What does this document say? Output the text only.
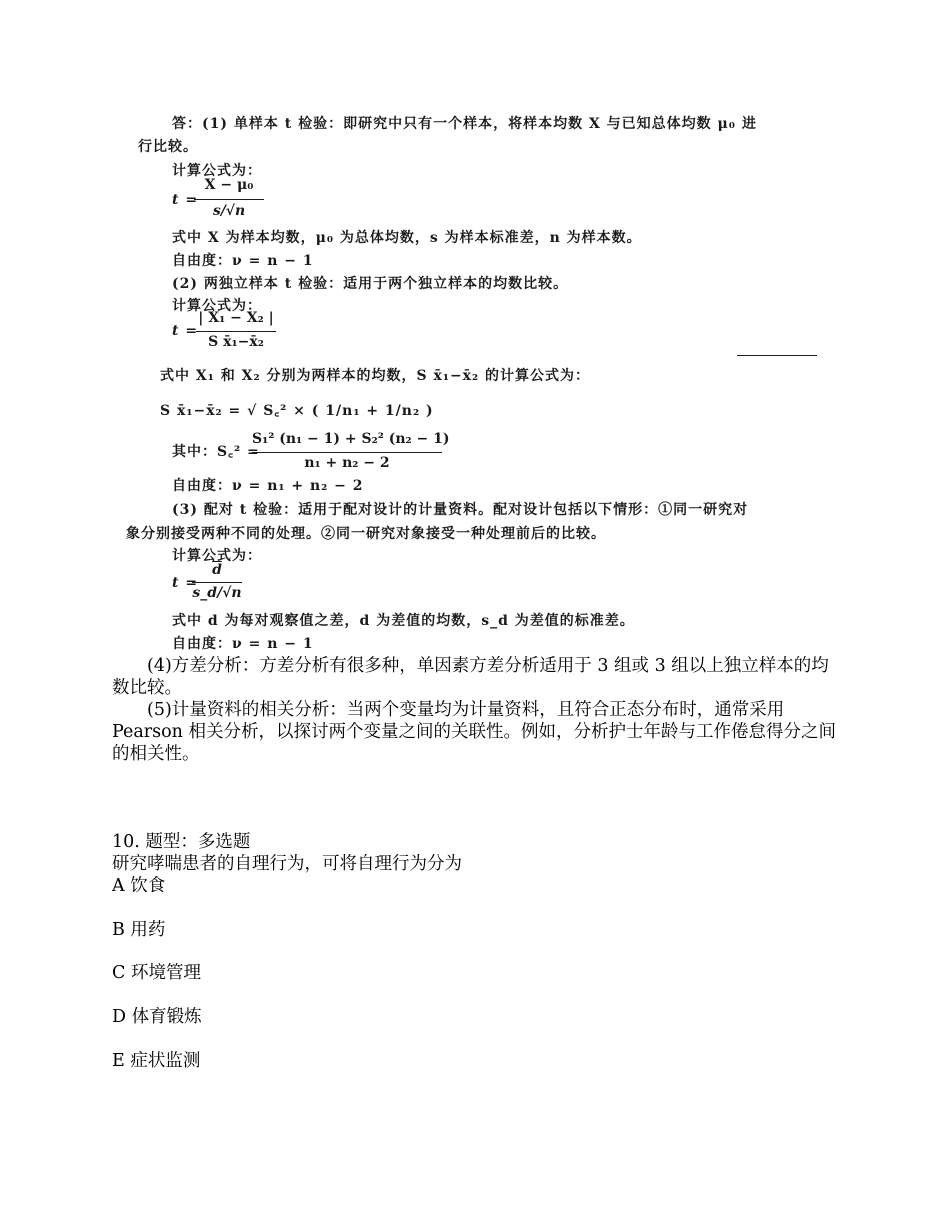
答：(1) 单样本 t 检验：即研究中只有一个样本，将样本均数 X 与已知总体均数 μ₀ 进
行比较。
计算公式为：
t =
X − μ₀
s/√n
式中 X 为样本均数，μ₀ 为总体均数，s 为样本标准差，n 为样本数。
自由度：ν = n − 1
(2) 两独立样本 t 检验：适用于两个独立样本的均数比较。
计算公式为：
t =
| X₁ − X₂ |
S x̄₁−x̄₂
式中 X₁ 和 X₂ 分别为两样本的均数，S x̄₁−x̄₂ 的计算公式为：
S x̄₁−x̄₂ = √ S꜀² × ( 1/n₁ + 1/n₂ )
其中：S꜀² =
S₁² (n₁ − 1) + S₂² (n₂ − 1)
n₁ + n₂ − 2
自由度：ν = n₁ + n₂ − 2
(3) 配对 t 检验：适用于配对设计的计量资料。配对设计包括以下情形：①同一研究对
象分别接受两种不同的处理。②同一研究对象接受一种处理前后的比较。
计算公式为：
t =
$\overline{d}$
s_d/√n
式中 d 为每对观察值之差，d 为差值的均数，s_d 为差值的标准差。
自由度：ν = n − 1

(4)方差分析：方差分析有很多种，单因素方差分析适用于 3 组或 3 组以上独立样本的均数比较。

(5)计量资料的相关分析：当两个变量均为计量资料，且符合正态分布时，通常采用 Pearson 相关分析，以探讨两个变量之间的关联性。例如，分析护士年龄与工作倦怠得分之间的相关性。

10. 题型：多选题
研究哮喘患者的自理行为，可将自理行为分为
A 饮食
B 用药
C 环境管理
D 体育锻炼
E 症状监测
